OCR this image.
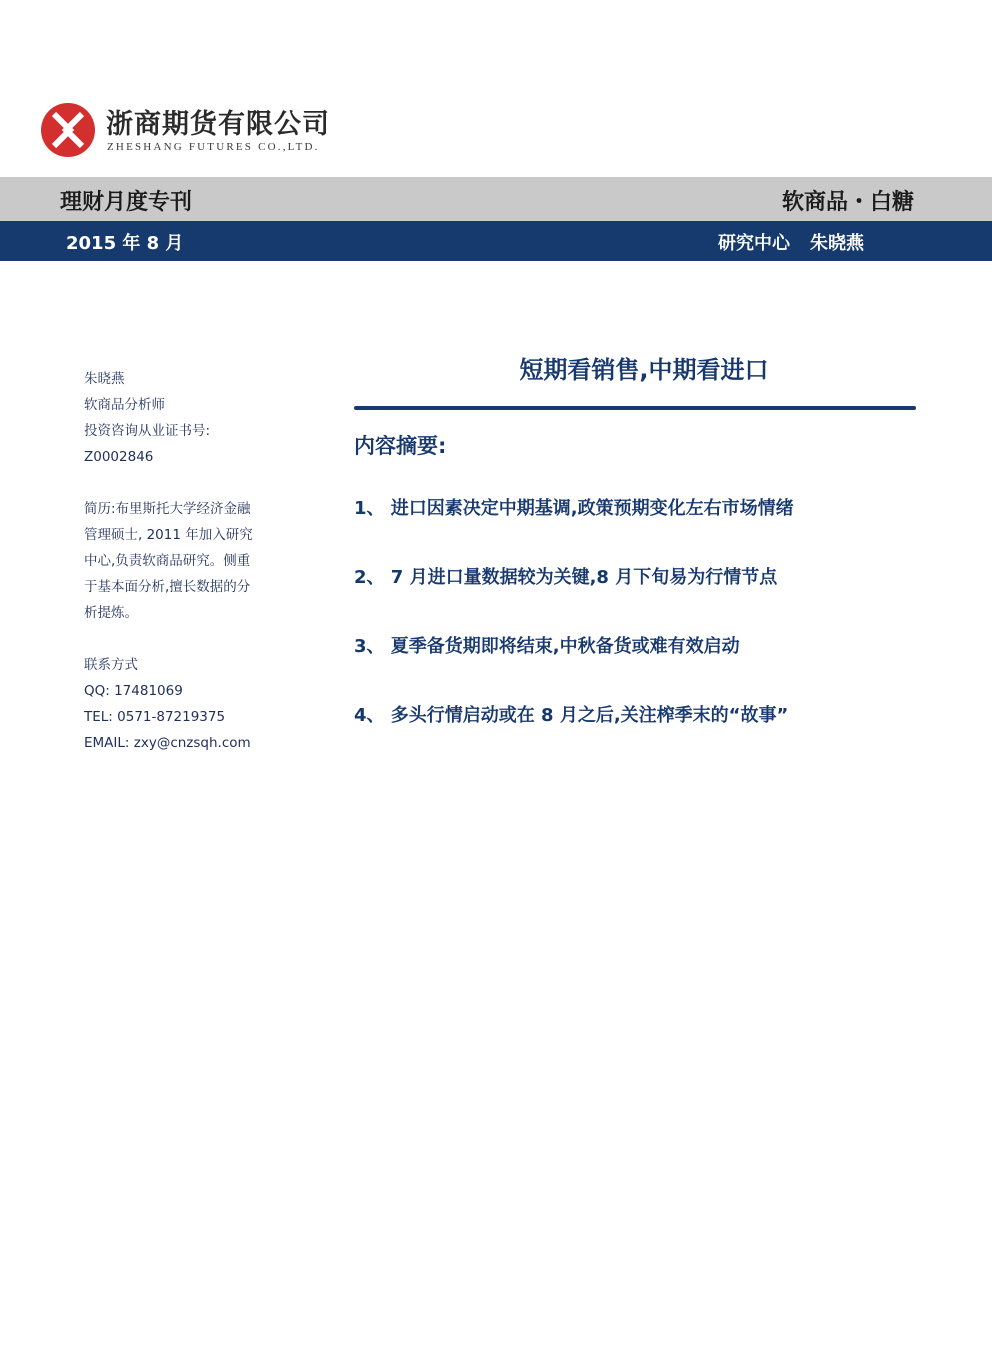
浙商期货有限公司
ZHESHANG FUTURES CO.,LTD.
理财月度专刊	软商品・白糖
2015 年 8 月	研究中心 朱晓燕
朱晓燕
软商品分析师
投资咨询从业证书号:
Z0002846
简历:布里斯托大学经济金融
管理硕士, 2011 年加入研究
中心,负责软商品研究。侧重
于基本面分析,擅长数据的分
析提炼。
联系方式
QQ: 17481069
TEL: 0571-87219375
EMAIL: zxy@cnzsqh.com
短期看销售,中期看进口
内容摘要:
1、 进口因素决定中期基调,政策预期变化左右市场情绪
2、 7 月进口量数据较为关键,8 月下旬易为行情节点
3、 夏季备货期即将结束,中秋备货或难有效启动
4、 多头行情启动或在 8 月之后,关注榨季末的“故事”
